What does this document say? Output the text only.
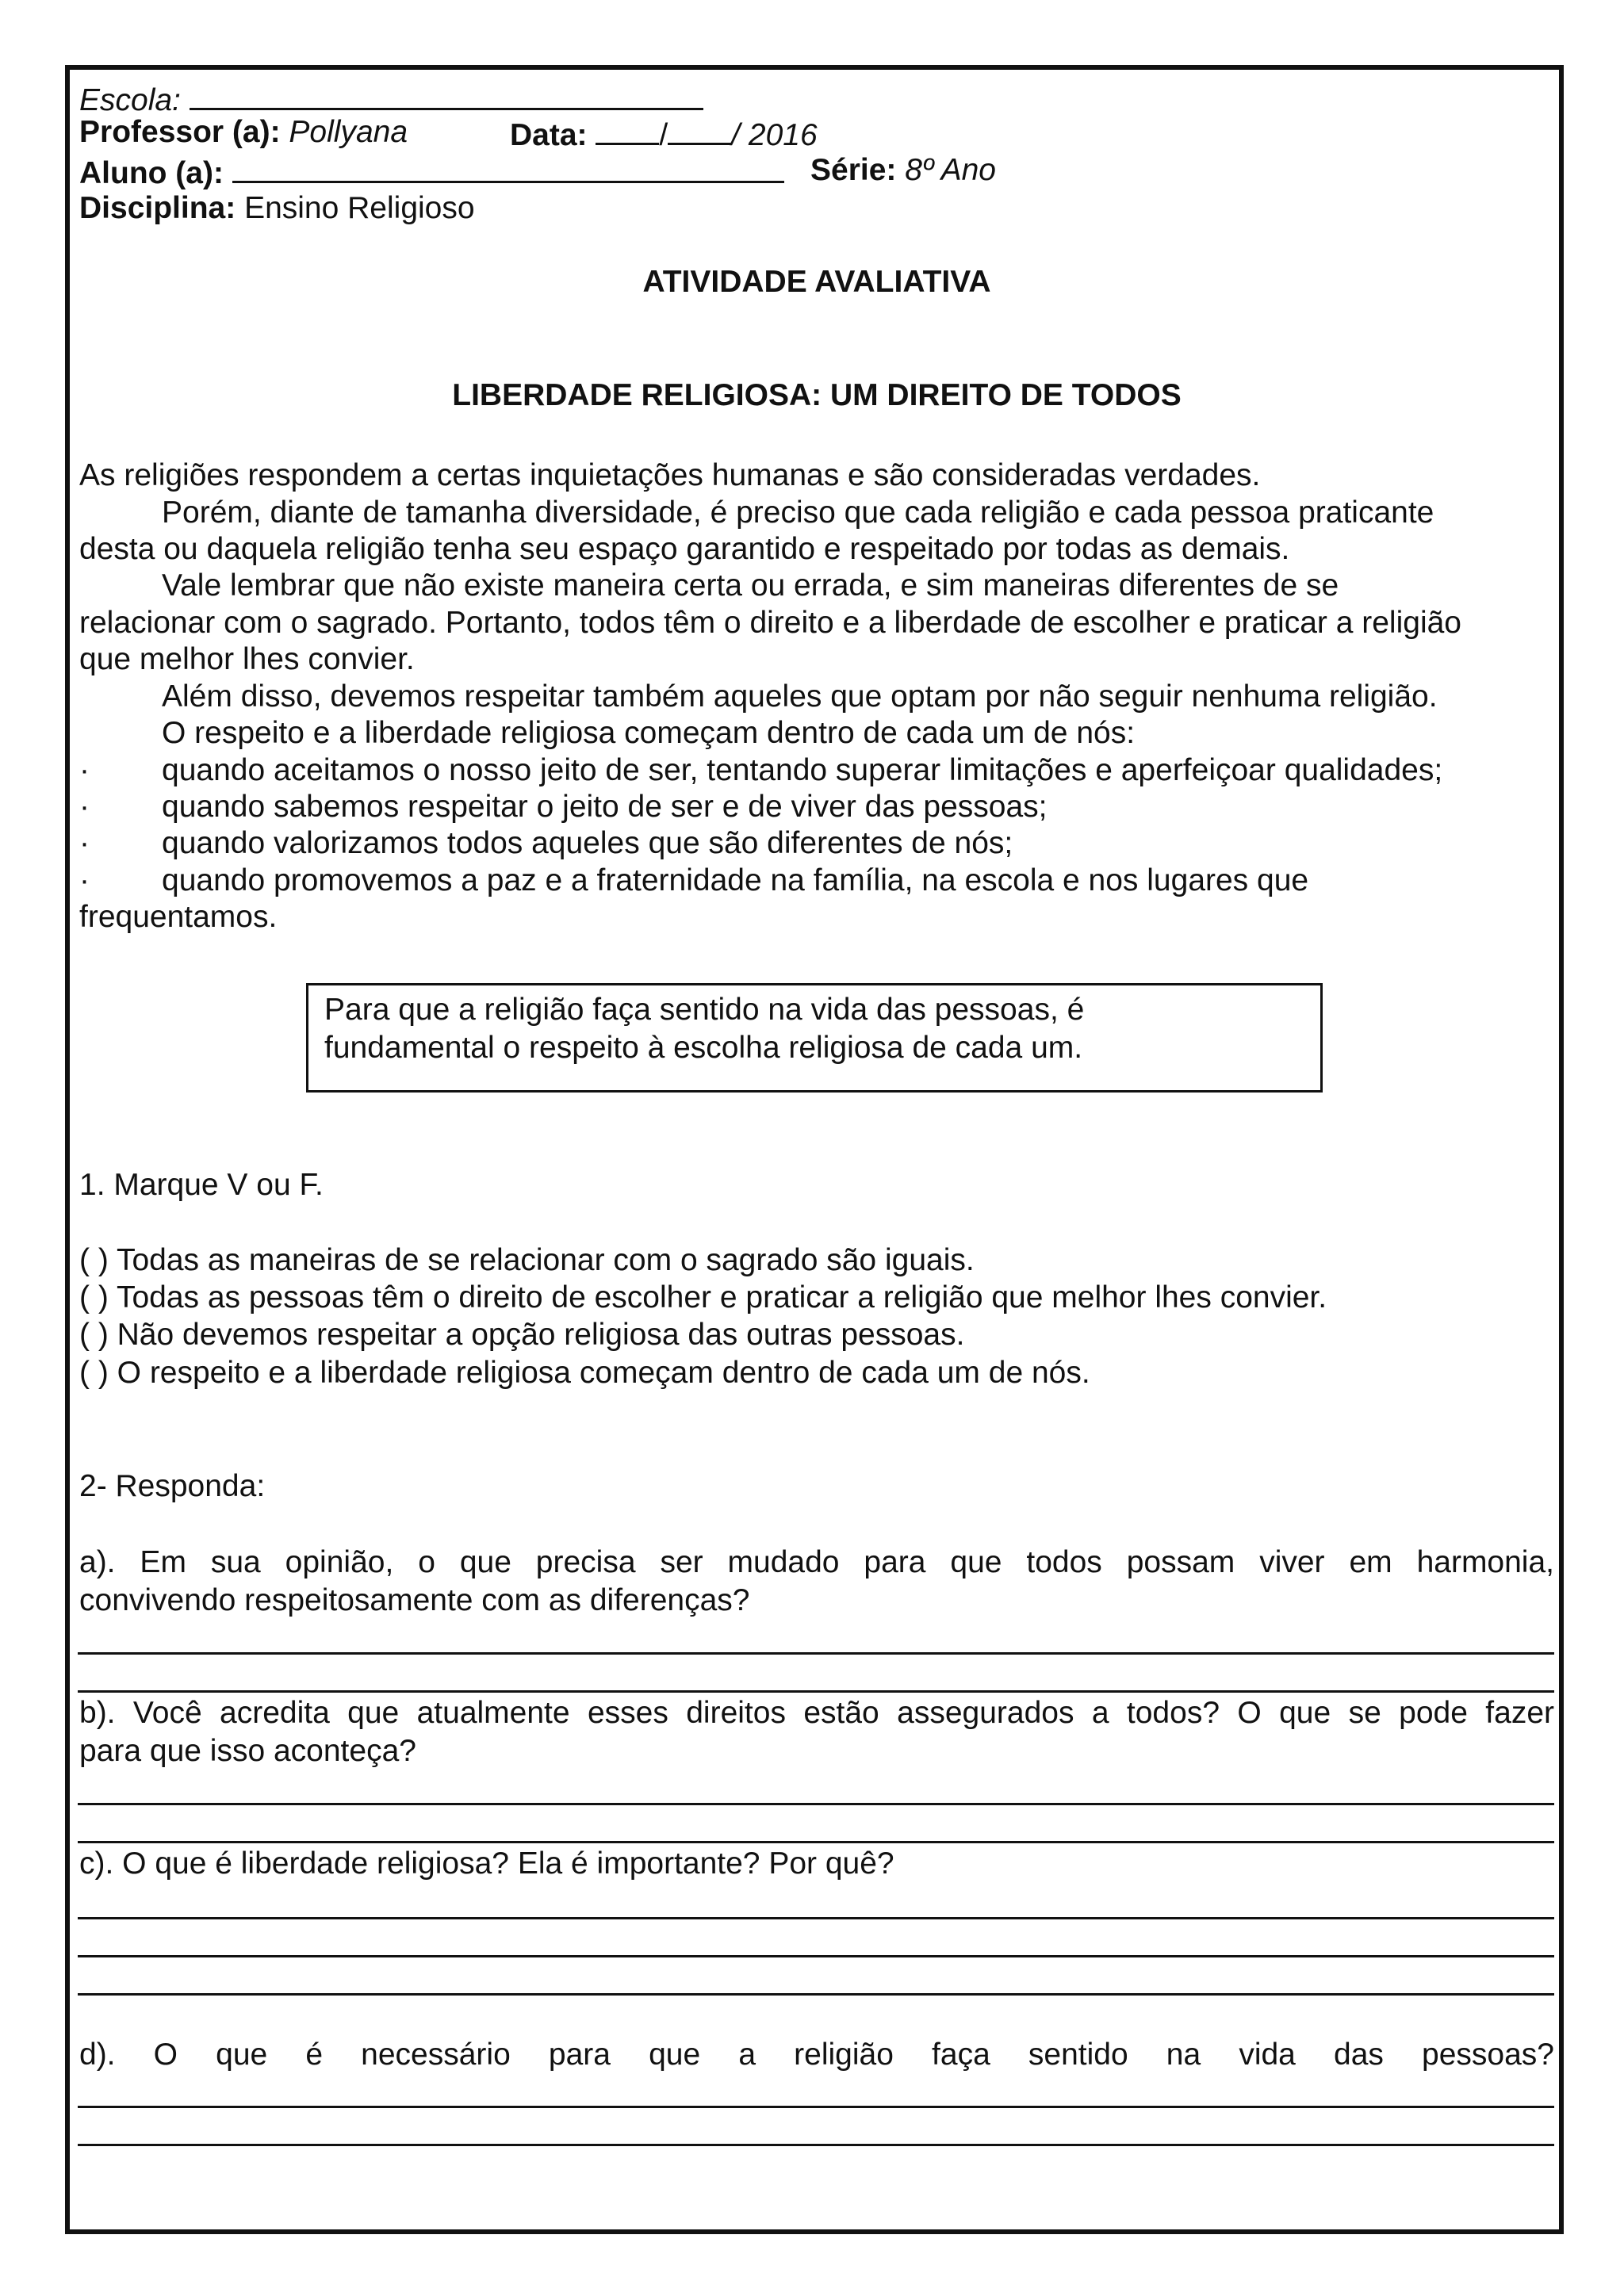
Escola:
Professor (a): Pollyana	Data: / / 2016
Aluno (a):	Série: 8º Ano
Disciplina: Ensino Religioso
ATIVIDADE AVALIATIVA
LIBERDADE RELIGIOSA: UM DIREITO DE TODOS
As religiões respondem a certas inquietações humanas e são consideradas verdades.
Porém, diante de tamanha diversidade, é preciso que cada religião e cada pessoa praticante
desta ou daquela religião tenha seu espaço garantido e respeitado por todas as demais.
Vale lembrar que não existe maneira certa ou errada, e sim maneiras diferentes de se
relacionar com o sagrado. Portanto, todos têm o direito e a liberdade de escolher e praticar a religião
que melhor lhes convier.
Além disso, devemos respeitar também aqueles que optam por não seguir nenhuma religião.
O respeito e a liberdade religiosa começam dentro de cada um de nós:
· quando aceitamos o nosso jeito de ser, tentando superar limitações e aperfeiçoar qualidades;
· quando sabemos respeitar o jeito de ser e de viver das pessoas;
· quando valorizamos todos aqueles que são diferentes de nós;
· quando promovemos a paz e a fraternidade na família, na escola e nos lugares que
frequentamos.
Para que a religião faça sentido na vida das pessoas, é
fundamental o respeito à escolha religiosa de cada um.
1. Marque V ou F.
( ) Todas as maneiras de se relacionar com o sagrado são iguais.
( ) Todas as pessoas têm o direito de escolher e praticar a religião que melhor lhes convier.
( ) Não devemos respeitar a opção religiosa das outras pessoas.
( ) O respeito e a liberdade religiosa começam dentro de cada um de nós.
2- Responda:
a). Em sua opinião, o que precisa ser mudado para que todos possam viver em harmonia,
convivendo respeitosamente com as diferenças?
b). Você acredita que atualmente esses direitos estão assegurados a todos? O que se pode fazer
para que isso aconteça?
c). O que é liberdade religiosa? Ela é importante? Por quê?
d). O que é necessário para que a religião faça sentido na vida das pessoas?
